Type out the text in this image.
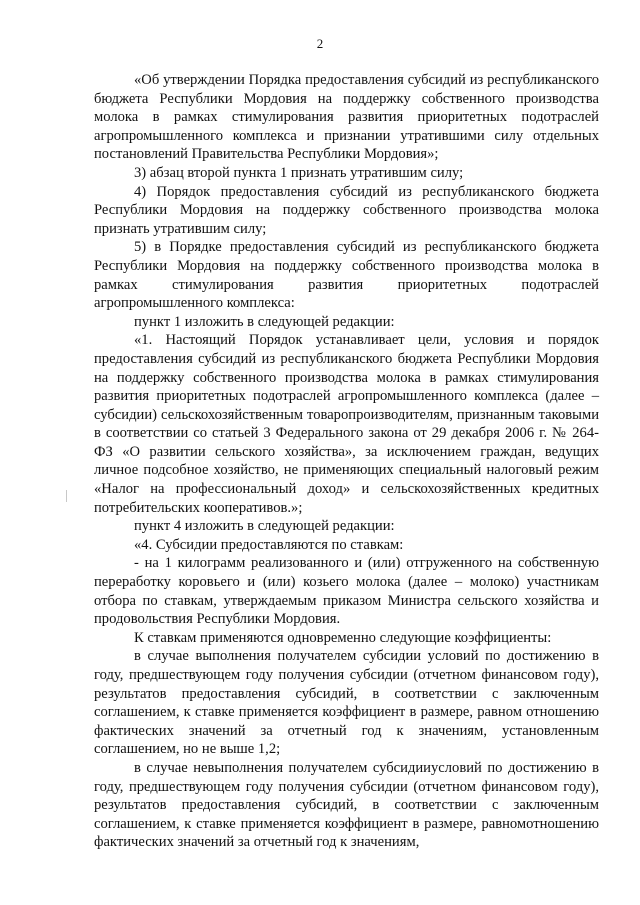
2

«Об утверждении Порядка предоставления субсидий из республиканского бюджета Республики Мордовия на поддержку собственного производства молока в рамках стимулирования развития приоритетных подотраслей агропромышленного комплекса и признании утратившими силу отдельных постановлений Правительства Республики Мордовия»;

3) абзац второй пункта 1 признать утратившим силу;

4) Порядок предоставления субсидий из республиканского бюджета Республики Мордовия на поддержку собственного производства молока признать утратившим силу;

5) в Порядке предоставления субсидий из республиканского бюджета Республики Мордовия на поддержку собственного производства молока в рамках стимулирования развития приоритетных подотраслей агропромышленного комплекса:

пункт 1 изложить в следующей редакции:

«1. Настоящий Порядок устанавливает цели, условия и порядок предоставления субсидий из республиканского бюджета Республики Мордовия на поддержку собственного производства молока в рамках стимулирования развития приоритетных подотраслей агропромышленного комплекса (далее – субсидии) сельскохозяйственным товаропроизводителям, признанным таковыми в соответствии со статьей 3 Федерального закона от 29 декабря 2006 г. № 264-ФЗ «О развитии сельского хозяйства», за исключением граждан, ведущих личное подсобное хозяйство, не применяющих специальный налоговый режим «Налог на профессиональный доход» и сельскохозяйственных кредитных потребительских кооперативов.»;

пункт 4 изложить в следующей редакции:

«4. Субсидии предоставляются по ставкам:

- на 1 килограмм реализованного и (или) отгруженного на собственную переработку коровьего и (или) козьего молока (далее – молоко) участникам отбора по ставкам, утверждаемым приказом Министра сельского хозяйства и продовольствия Республики Мордовия.

К ставкам применяются одновременно следующие коэффициенты:

в случае выполнения получателем субсидии условий по достижению в году, предшествующем году получения субсидии (отчетном финансовом году), результатов предоставления субсидий, в соответствии с заключенным соглашением, к ставке применяется коэффициент в размере, равном отношению фактических значений за отчетный год к значениям, установленным соглашением, но не выше 1,2;

в случае невыполнения получателем субсидииусловий по достижению в году, предшествующем году получения субсидии (отчетном финансовом году), результатов предоставления субсидий, в соответствии с заключенным соглашением, к ставке применяется коэффициент в размере, равномотношению фактических значений за отчетный год к значениям,
